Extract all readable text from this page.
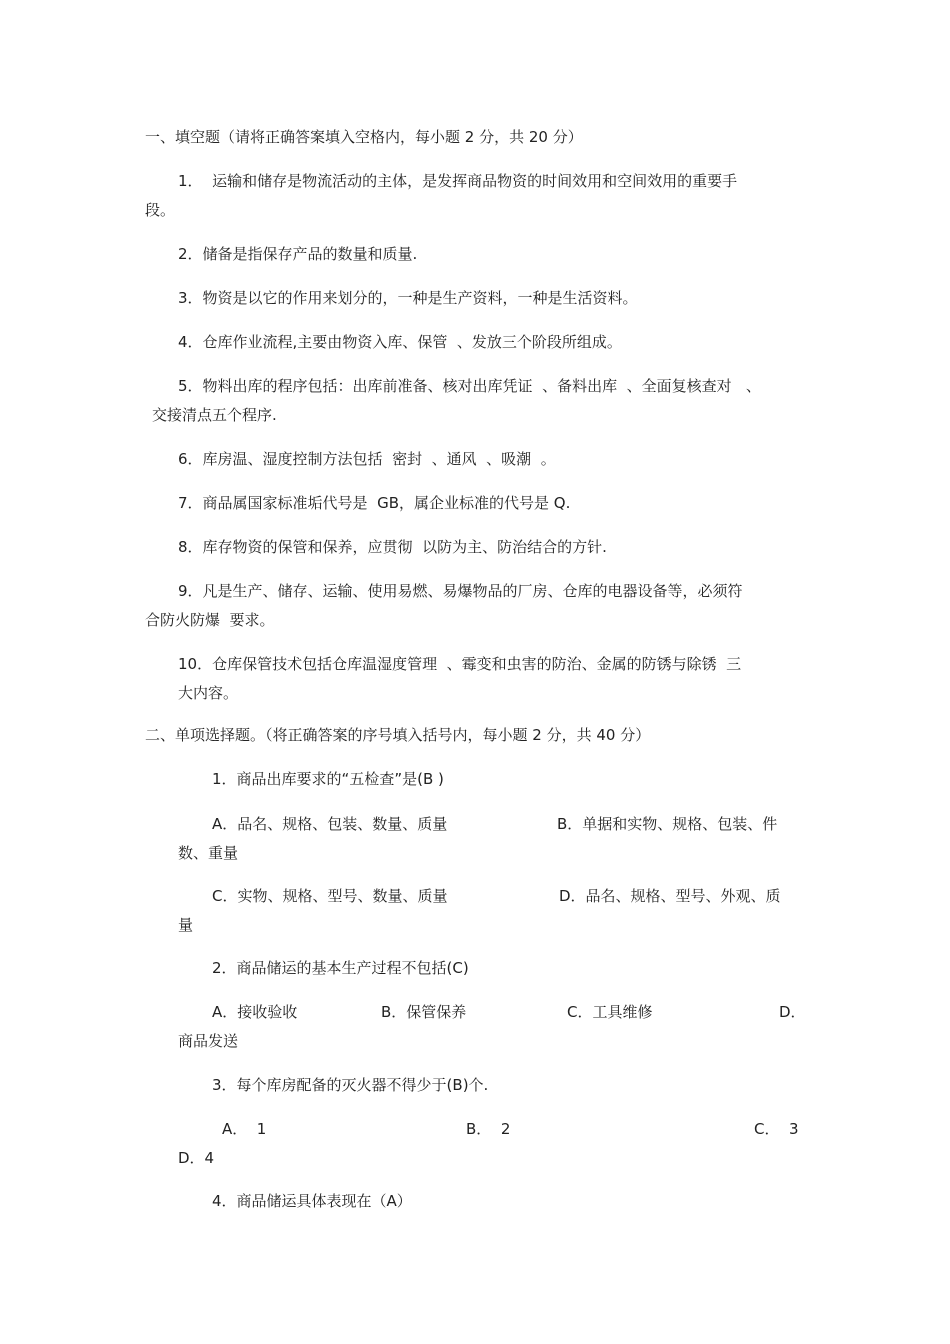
一、填空题（请将正确答案填入空格内，每小题 2 分，共 20 分）
1．  运输和储存是物流活动的主体，是发挥商品物资的时间效用和空间效用的重要手
段。
2．储备是指保存产品的数量和质量.
3．物资是以它的作用来划分的，一种是生产资料，一种是生活资料。
4．仓库作业流程,主要由物资入库、保管  、发放三个阶段所组成。
5．物料出库的程序包括：出库前准备、核对出库凭证  、备料出库  、全面复核查对   、
交接清点五个程序.
6．库房温、湿度控制方法包括  密封  、通风  、吸潮  。
7．商品属国家标准垢代号是  GB，属企业标准的代号是 Q.
8．库存物资的保管和保养，应贯彻  以防为主、防治结合的方针.
9．凡是生产、储存、运输、使用易燃、易爆物品的厂房、仓库的电器设备等，必须符
合防火防爆  要求。
10．仓库保管技术包括仓库温湿度管理  、霉变和虫害的防治、金属的防锈与除锈  三
大内容。
二、单项选择题。（将正确答案的序号填入括号内，每小题 2 分，共 40 分）
1．商品出库要求的“五检查”是(B )
A．品名、规格、包装、数量、质量	B．单据和实物、规格、包装、件
数、重量
C．实物、规格、型号、数量、质量	D．品名、规格、型号、外观、质
量
2．商品储运的基本生产过程不包括(C)
A．接收验收	B．保管保养	C．工具维修	D．
商品发送
3．每个库房配备的灭火器不得少于(B)个.
A．  1	B．  2	C．  3
D．4
4．商品储运具体表现在（A）
